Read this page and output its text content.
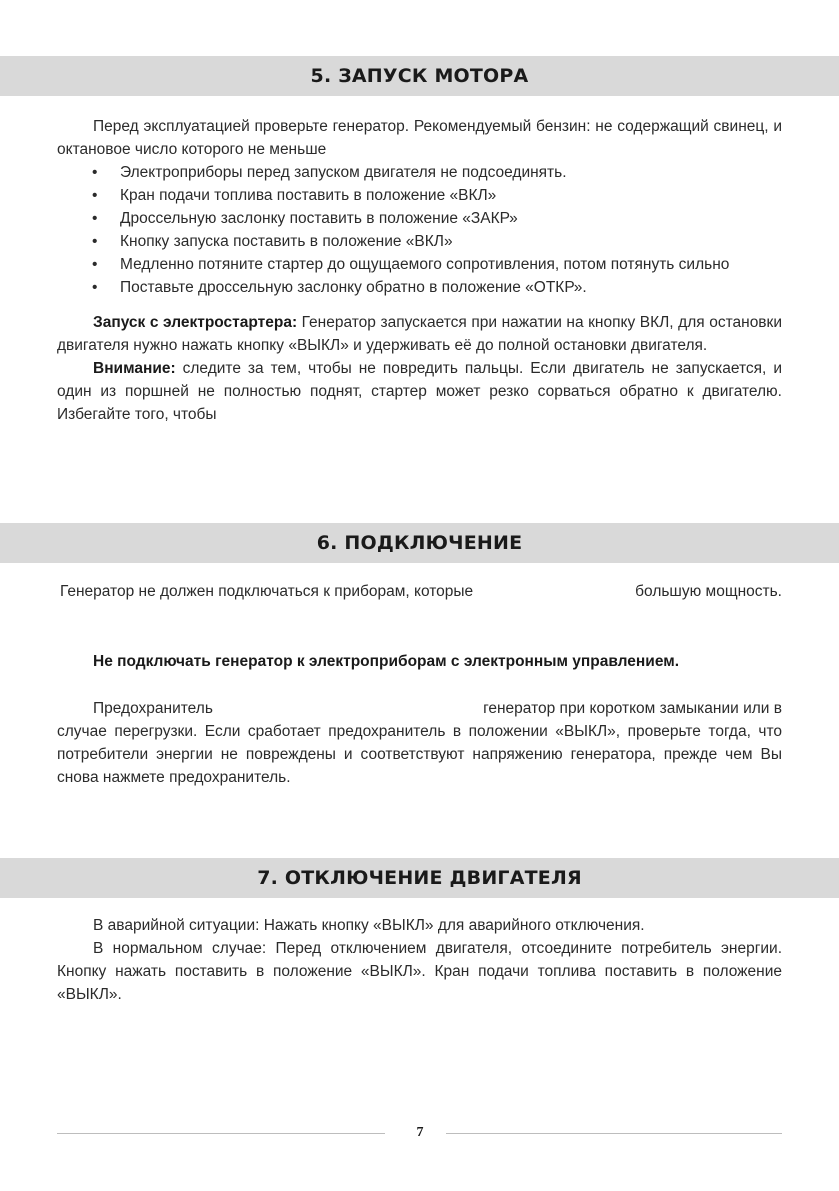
5. ЗАПУСК МОТОРА

Перед эксплуатацией проверьте генератор. Рекомендуемый бензин: не содержащий свинец, и октановое число которого не меньше

• Электроприборы перед запуском двигателя не подсоединять.
• Кран подачи топлива поставить в положение «ВКЛ»
• Дроссельную заслонку поставить в положение «ЗАКР»
• Кнопку запуска поставить в положение «ВКЛ»
• Медленно потяните стартер до ощущаемого сопротивления, потом потянуть сильно
• Поставьте дроссельную заслонку обратно в положение «ОТКР».

Запуск с электростартера: Генератор запускается при нажатии на кнопку ВКЛ, для остановки двигателя нужно нажать кнопку «ВЫКЛ» и удерживать её до полной остановки двигателя.

Внимание: следите за тем, чтобы не повредить пальцы. Если двигатель не запускается, и один из поршней не полностью поднят, стартер может резко сорваться обратно к двигателю. Избегайте того, чтобы

6. ПОДКЛЮЧЕНИЕ
Генератор не должен подключаться к приборам, которые	большую мощность.

Не подключать генератор к электроприборам с электронным управлением.

Предохранитель	генератор при коротком замыкании или в

случае перегрузки. Если сработает предохранитель в положении «ВЫКЛ», проверьте тогда, что потребители энергии не повреждены и соответствуют напряжению генератора, прежде чем Вы снова нажмете предохранитель.

7. ОТКЛЮЧЕНИЕ ДВИГАТЕЛЯ

В аварийной ситуации: Нажать кнопку «ВЫКЛ» для аварийного отключения.

В нормальном случае: Перед отключением двигателя, отсоедините потребитель энергии. Кнопку нажать поставить в положение «ВЫКЛ». Кран подачи топлива поставить в положение «ВЫКЛ».

7
